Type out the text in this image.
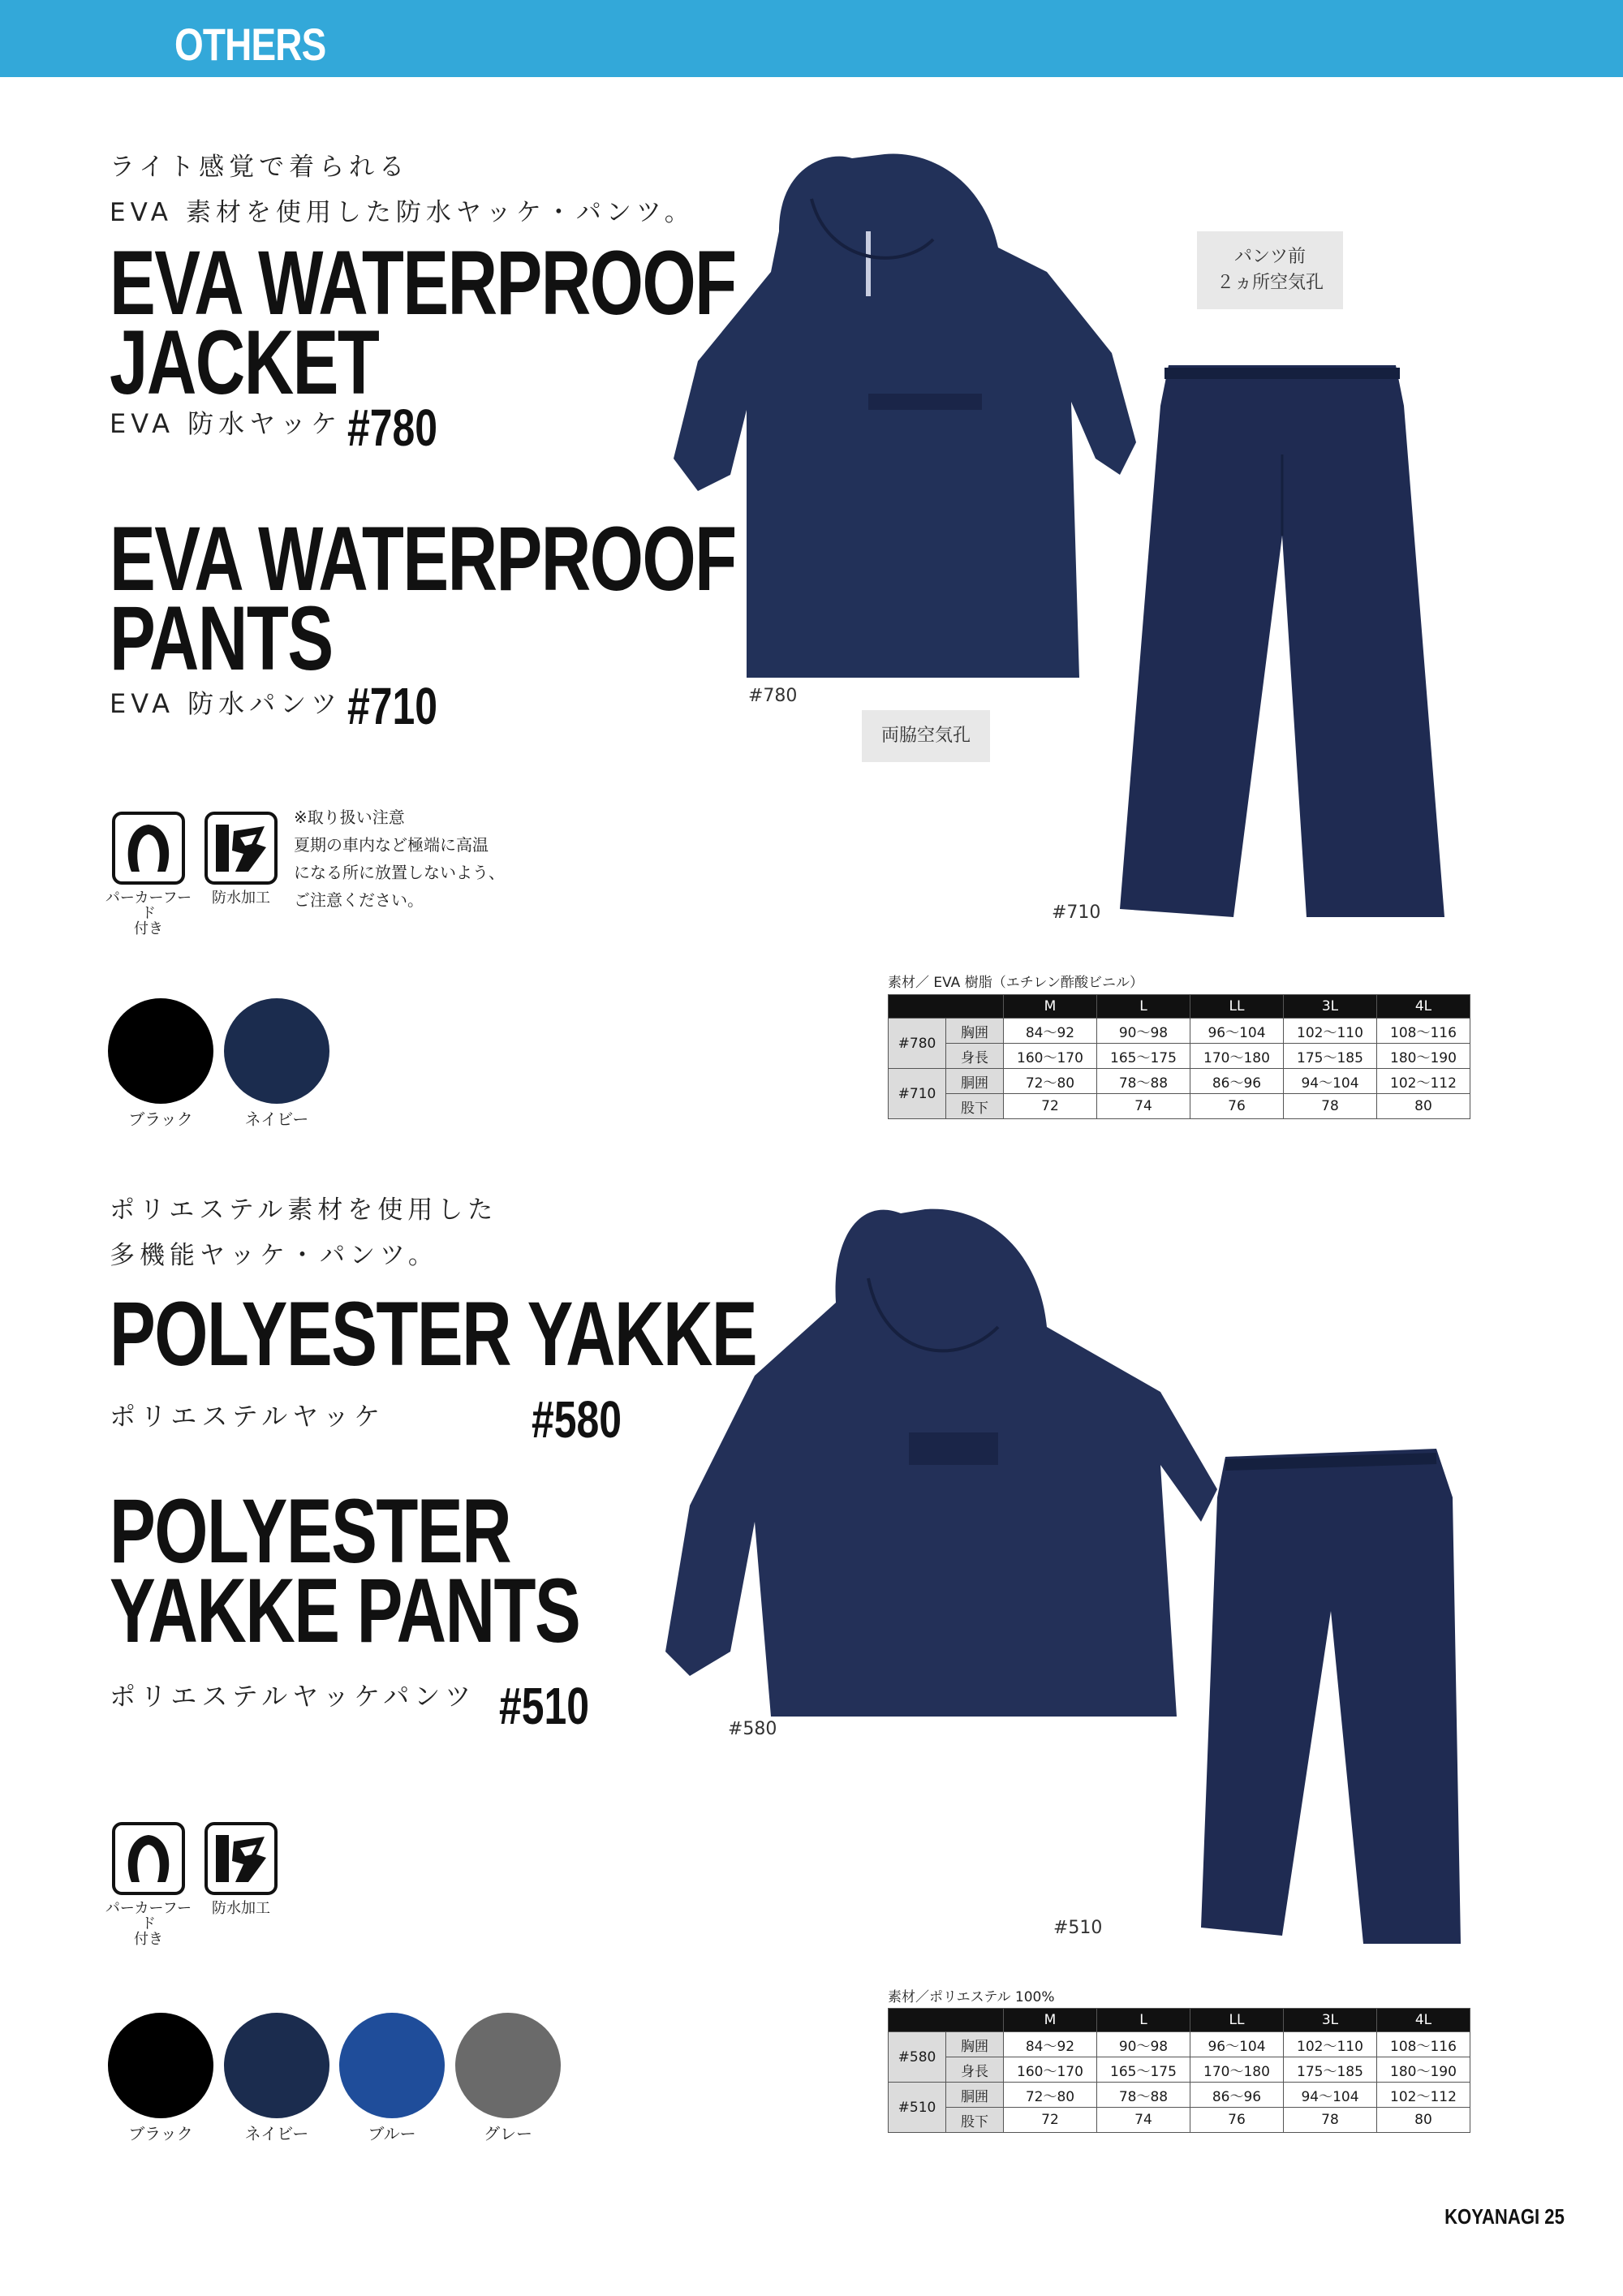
OTHERS
ライト感覚で着られる
EVA 素材を使用した防水ヤッケ・パンツ。
EVA WATERPROOF
JACKET
EVA 防水ヤッケ #780
EVA WATERPROOF
PANTS
EVA 防水パンツ #710
パーカーフード
付き
防水加工
※取り扱い注意
夏期の車内など極端に高温
になる所に放置しないよう、
ご注意ください。
ブラック	ネイビー
パンツ前
２ヵ所空気孔
両脇空気孔
#780
#710
素材／ EVA 樹脂（エチレン酢酸ビニル）
		M	L	LL	3L	4L
#780	胸囲	84〜92	90〜98	96〜104	102〜110	108〜116
	身長	160〜170	165〜175	170〜180	175〜185	180〜190
#710	胴囲	72〜80	78〜88	86〜96	94〜104	102〜112
	股下	72	74	76	78	80
ポリエステル素材を使用した
多機能ヤッケ・パンツ。
POLYESTER YAKKE
ポリエステルヤッケ	#580
POLYESTER
YAKKE PANTS
ポリエステルヤッケパンツ #510
パーカーフード
付き
防水加工
ブラック	ネイビー	ブルー	グレー
#580
#510
素材／ポリエステル 100%
		M	L	LL	3L	4L
#580	胸囲	84〜92	90〜98	96〜104	102〜110	108〜116
	身長	160〜170	165〜175	170〜180	175〜185	180〜190
#510	胴囲	72〜80	78〜88	86〜96	94〜104	102〜112
	股下	72	74	76	78	80
KOYANAGI 25
